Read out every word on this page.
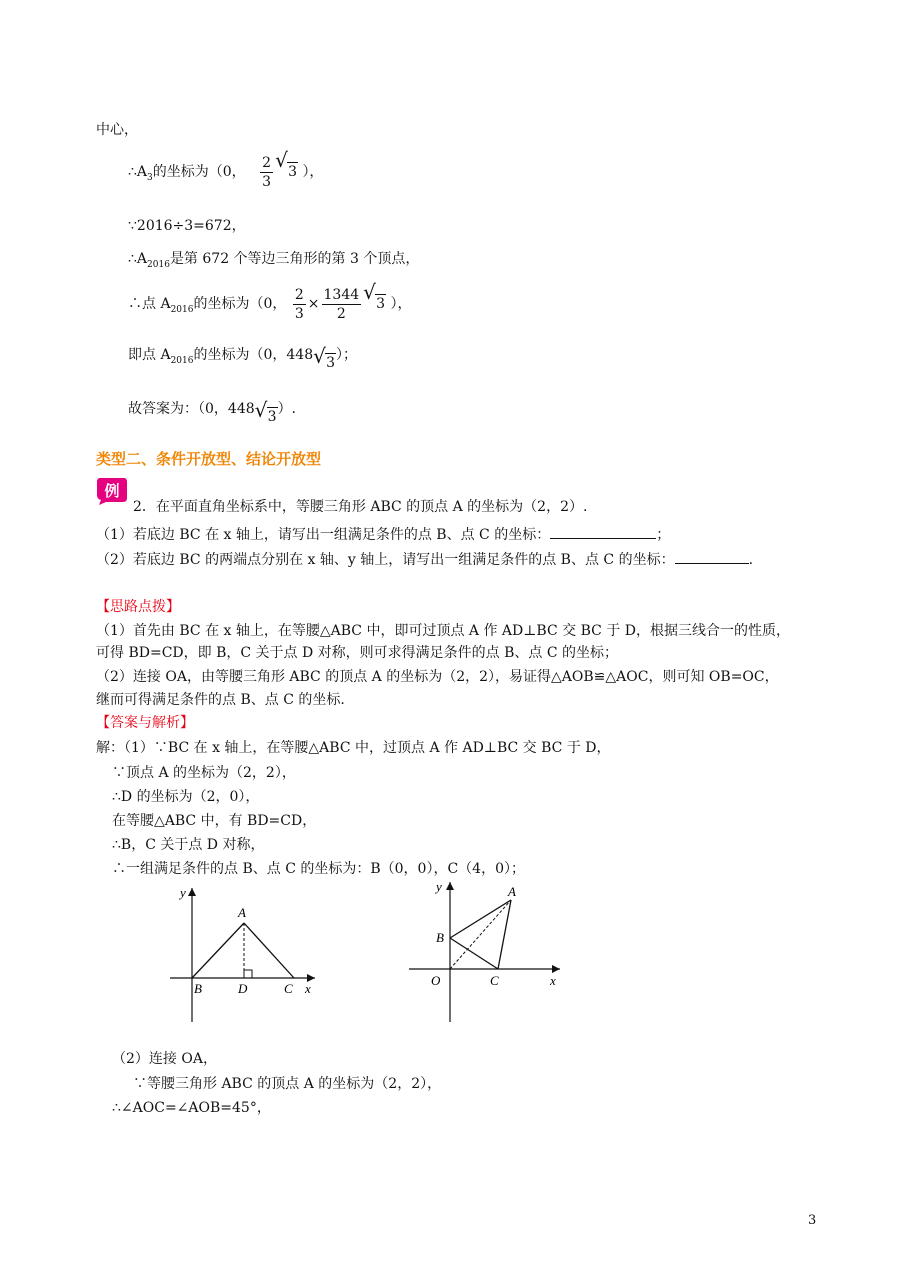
中心，
$\therefore A_3$的坐标为（0， $\frac{2}{3}$ √ 3 ），
∵2016÷3=672，
$\therefore A_{2016}$是第 672 个等边三角形的第 3 个顶点，
∴点 $A_{2016}$的坐标为（0， $\frac{2}{3} \times \frac{1344}{2}$ √ 3 ），
即点 $A_{2016}$的坐标为（0，448 √ 3）；
故答案为：（0，448 √ 3）.
类型二、条件开放型、结论开放型
例
2．在平面直角坐标系中，等腰三角形 ABC 的顶点 A 的坐标为（2，2）.
（1）若底边 BC 在 x 轴上，请写出一组满足条件的点 B、点 C 的坐标：	；
（2）若底边 BC 的两端点分别在 x 轴、y 轴上，请写出一组满足条件的点 B、点 C 的坐标：	.
【思路点拨】
（1）首先由 BC 在 x 轴上，在等腰△ABC 中，即可过顶点 A 作 AD⊥BC 交 BC 于 D，根据三线合一的性质，
可得 BD=CD，即 B，C 关于点 D 对称，则可求得满足条件的点 B、点 C 的坐标；
（2）连接 OA，由等腰三角形 ABC 的顶点 A 的坐标为（2，2），易证得△AOB≌△AOC，则可知 OB=OC，
继而可得满足条件的点 B、点 C 的坐标.
【答案与解析】
解：（1）∵BC 在 x 轴上，在等腰△ABC 中，过顶点 A 作 AD⊥BC 交 BC 于 D，
∵顶点 A 的坐标为（2，2），
∴D 的坐标为（2，0），
在等腰△ABC 中，有 BD=CD，
∴B，C 关于点 D 对称，
∴一组满足条件的点 B、点 C 的坐标为：B（0，0），C（4，0）；
y
A
B	D	C x
y	A
B
O	C	x
（2）连接 OA，
∵等腰三角形 ABC 的顶点 A 的坐标为（2，2），
∴∠AOC=∠AOB=45°，
3
